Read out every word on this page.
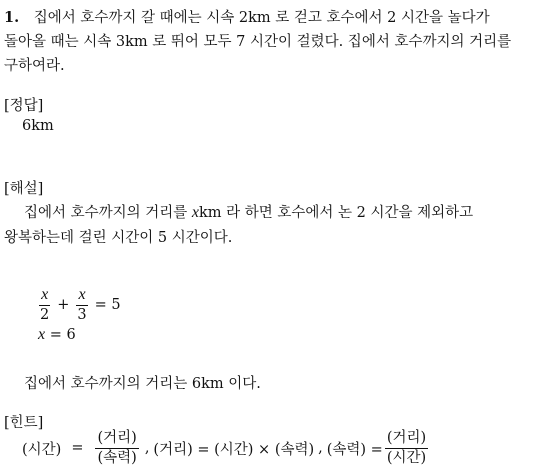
1. 집에서 호수까지 갈 때에는 시속 2km 로 걷고 호수에서 2 시간을 놀다가
돌아올 때는 시속 3km 로 뛰어 모두 7 시간이 걸렸다. 집에서 호수까지의 거리를
구하여라.
[정답]
6km
[해설]
집에서 호수까지의 거리를 xkm 라 하면 호수에서 논 2 시간을 제외하고
왕복하는데 걸린 시간이 5 시간이다.
$\frac{x}{2} + \frac{x}{3} = 5$
x = 6
집에서 호수까지의 거리는 6km 이다.
[힌트]
(시간) = $\frac{\text{(거리)}}{\text{(속력)}}$ , (거리) = (시간) × (속력) , (속력) = $\frac{\text{(거리)}}{\text{(시간)}}$
